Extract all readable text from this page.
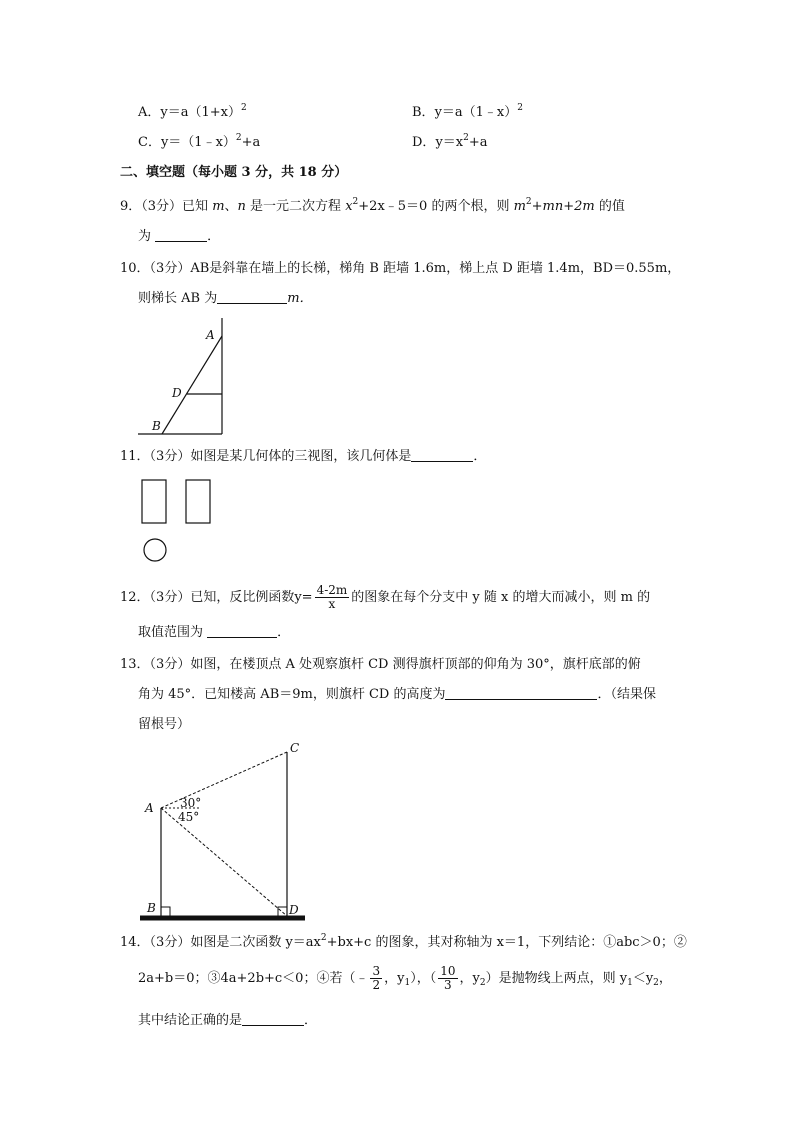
A．$y=a(1+x)^2$	B．y＝a（1﹣x）$^2$
C．y＝（1﹣x）$^2$+a	D．$y=x^2+a$
二、填空题（每小题 3 分，共 18 分）
9．（3分）已知 m、n 是一元二次方程 $x^2+2x﹣5=0$ 的两个根，则 $m^2+mn+2m$ 的值
为	．
10．（3分）AB是斜靠在墙上的长梯，梯角 B 距墙 1.6m，梯上点 D 距墙 1.4m，BD＝0.55m，
则梯长 AB 为	m．
A
D
B
11．（3分）如图是某几何体的三视图，该几何体是	．
12．（3分）已知，反比例函数$y= \frac{4-2m}{x}$ 的图象在每个分支中 y 随 x 的增大而减小，则 m 的
取值范围为	．
13．（3分）如图，在楼顶点 A 处观察旗杆 CD 测得旗杆顶部的仰角为 30°，旗杆底部的俯
角为 45°．已知楼高 AB＝9m，则旗杆 CD 的高度为	．（结果保
留根号）
A
B
C
D
30°
45°
14．（3分）如图是二次函数 $y=ax^2+bx+c$ 的图象，其对称轴为 x＝1，下列结论：①abc＞0；②
2a+b＝0；③4a+2b+c＜0；④若（﹣ $\frac{3}{2}$ ，$y_1$），（ $\frac{10}{3}$ ，$y_2$）是抛物线上两点，则 $y_1<y_2$，
其中结论正确的是	．
